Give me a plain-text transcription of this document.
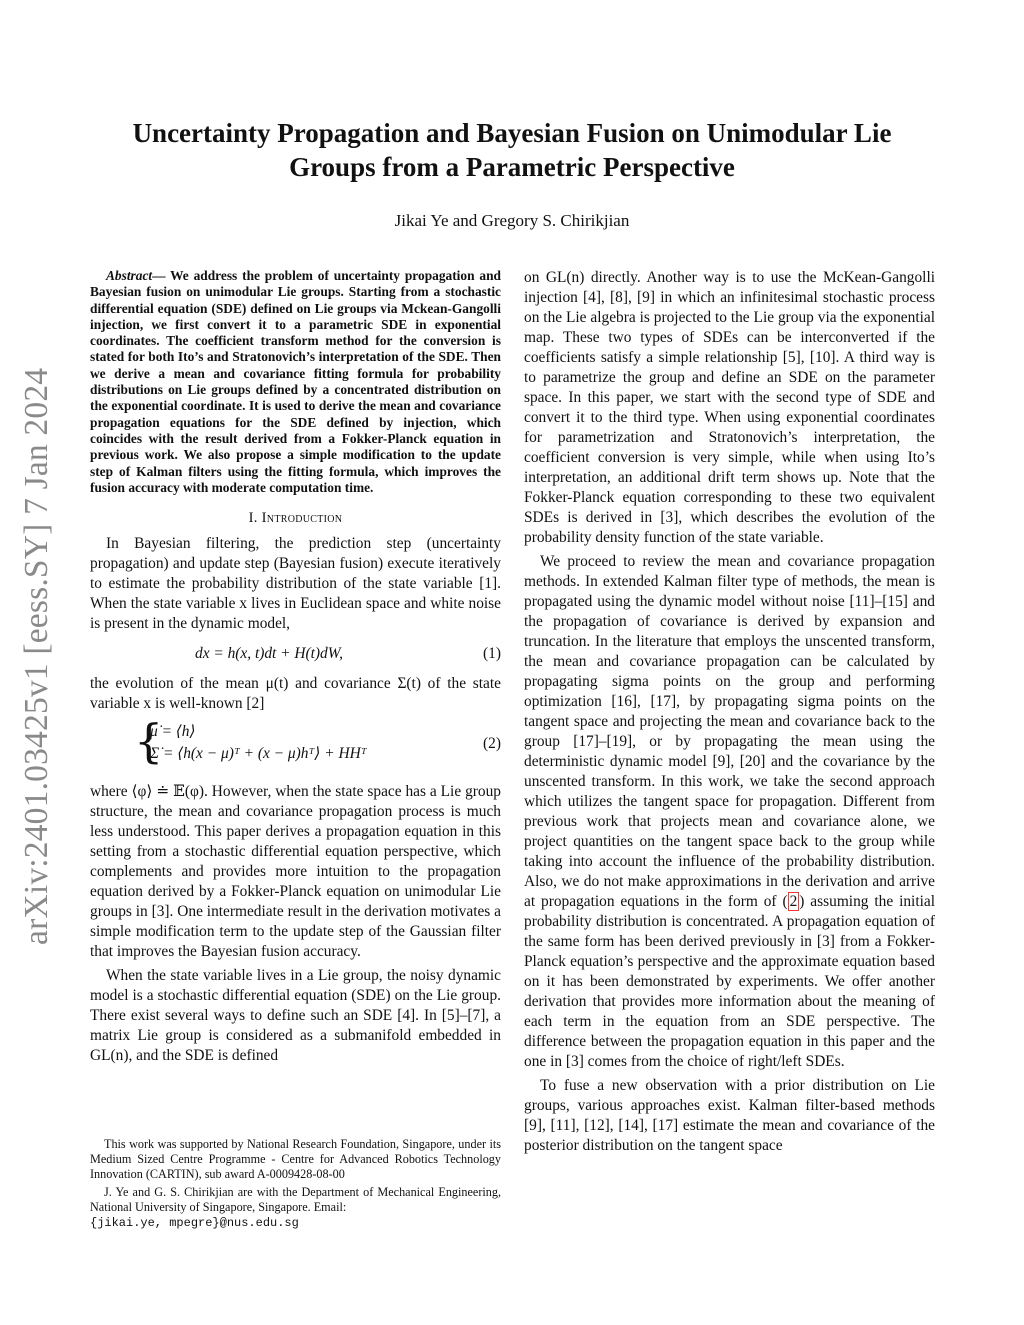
arXiv:2401.03425v1 [eess.SY] 7 Jan 2024
Uncertainty Propagation and Bayesian Fusion on Unimodular Lie
Groups from a Parametric Perspective
Jikai Ye and Gregory S. Chirikjian

Abstract— We address the problem of uncertainty propagation and Bayesian fusion on unimodular Lie groups. Starting from a stochastic differential equation (SDE) defined on Lie groups via Mckean-Gangolli injection, we first convert it to a parametric SDE in exponential coordinates. The coefficient transform method for the conversion is stated for both Ito’s and Stratonovich’s interpretation of the SDE. Then we derive a mean and covariance fitting formula for probability distributions on Lie groups defined by a concentrated distribution on the exponential coordinate. It is used to derive the mean and covariance propagation equations for the SDE defined by injection, which coincides with the result derived from a Fokker-Planck equation in previous work. We also propose a simple modification to the update step of Kalman filters using the fitting formula, which improves the fusion accuracy with moderate computation time.

I. Introduction

In Bayesian filtering, the prediction step (uncertainty propagation) and update step (Bayesian fusion) execute iteratively to estimate the probability distribution of the state variable [1]. When the state variable x lives in Euclidean space and white noise is present in the dynamic model,

dx = h(x, t)dt + H(t)dW,	(1)

the evolution of the mean μ(t) and covariance Σ(t) of the state variable x is well-known [2]

{
μ̇ = ⟨h⟩
Σ̇ = ⟨h(x − μ)ᵀ + (x − μ)hᵀ⟩ + HHᵀ
(2)

where ⟨φ⟩ ≐ 𝔼(φ). However, when the state space has a Lie group structure, the mean and covariance propagation process is much less understood. This paper derives a propagation equation in this setting from a stochastic differential equation perspective, which complements and provides more intuition to the propagation equation derived by a Fokker-Planck equation on unimodular Lie groups in [3]. One intermediate result in the derivation motivates a simple modification term to the update step of the Gaussian filter that improves the Bayesian fusion accuracy.

When the state variable lives in a Lie group, the noisy dynamic model is a stochastic differential equation (SDE) on the Lie group. There exist several ways to define such an SDE [4]. In [5]–[7], a matrix Lie group is considered as a submanifold embedded in GL(n), and the SDE is defined

This work was supported by National Research Foundation, Singapore, under its Medium Sized Centre Programme - Centre for Advanced Robotics Technology Innovation (CARTIN), sub award A-0009428-08-00

J. Ye and G. S. Chirikjian are with the Department of Mechanical Engineering, National University of Singapore, Singapore. Email:
{jikai.ye, mpegre}@nus.edu.sg

on GL(n) directly. Another way is to use the McKean-Gangolli injection [4], [8], [9] in which an infinitesimal stochastic process on the Lie algebra is projected to the Lie group via the exponential map. These two types of SDEs can be interconverted if the coefficients satisfy a simple relationship [5], [10]. A third way is to parametrize the group and define an SDE on the parameter space. In this paper, we start with the second type of SDE and convert it to the third type. When using exponential coordinates for parametrization and Stratonovich’s interpretation, the coefficient conversion is very simple, while when using Ito’s interpretation, an additional drift term shows up. Note that the Fokker-Planck equation corresponding to these two equivalent SDEs is derived in [3], which describes the evolution of the probability density function of the state variable.

We proceed to review the mean and covariance propagation methods. In extended Kalman filter type of methods, the mean is propagated using the dynamic model without noise [11]–[15] and the propagation of covariance is derived by expansion and truncation. In the literature that employs the unscented transform, the mean and covariance propagation can be calculated by propagating sigma points on the group and performing optimization [16], [17], by propagating sigma points on the tangent space and projecting the mean and covariance back to the group [17]–[19], or by propagating the mean using the deterministic dynamic model [9], [20] and the covariance by the unscented transform. In this work, we take the second approach which utilizes the tangent space for propagation. Different from previous work that projects mean and covariance alone, we project quantities on the tangent space back to the group while taking into account the influence of the probability distribution. Also, we do not make approximations in the derivation and arrive at propagation equations in the form of ( 2 ) assuming the initial probability distribution is concentrated. A propagation equation of the same form has been derived previously in [3] from a Fokker-Planck equation’s perspective and the approximate equation based on it has been demonstrated by experiments. We offer another derivation that provides more information about the meaning of each term in the equation from an SDE perspective. The difference between the propagation equation in this paper and the one in [3] comes from the choice of right/left SDEs.

To fuse a new observation with a prior distribution on Lie groups, various approaches exist. Kalman filter-based methods [9], [11], [12], [14], [17] estimate the mean and covariance of the posterior distribution on the tangent space
